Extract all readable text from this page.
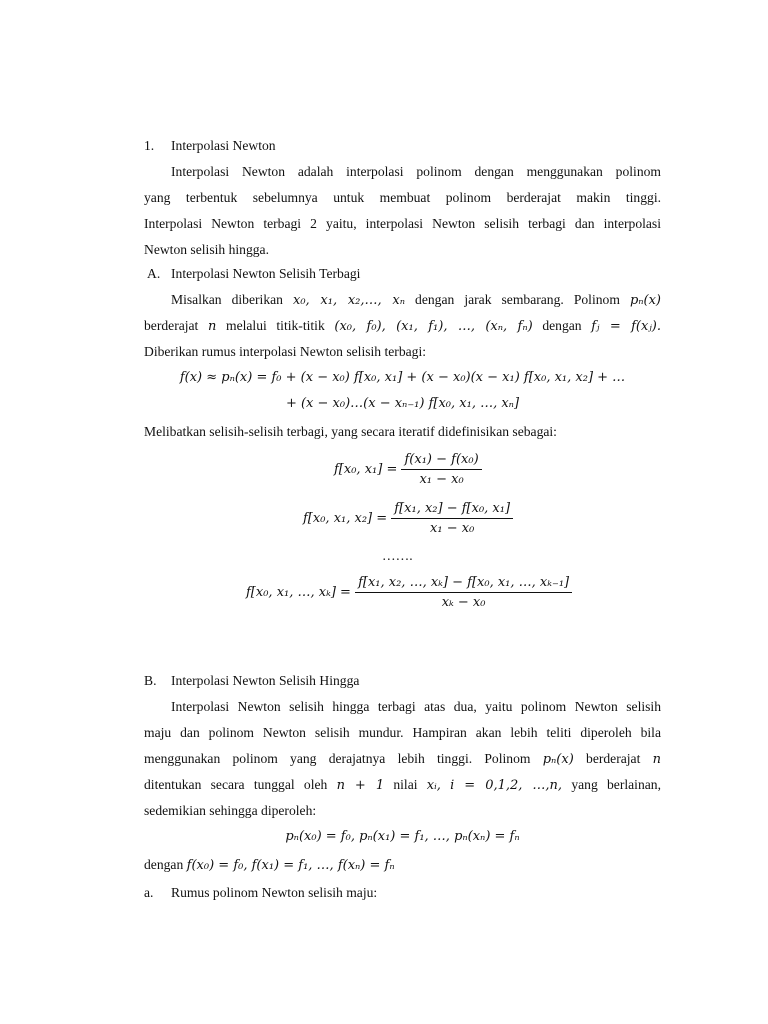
1. Interpolasi Newton
Interpolasi Newton adalah interpolasi polinom dengan menggunakan polinom
yang terbentuk sebelumnya untuk membuat polinom berderajat makin tinggi.
Interpolasi Newton terbagi 2 yaitu, interpolasi Newton selisih terbagi dan interpolasi
Newton selisih hingga.
A. Interpolasi Newton Selisih Terbagi
Misalkan diberikan x₀, x₁, x₂,…, xₙ dengan jarak sembarang. Polinom pₙ(x)
berderajat n melalui titik-titik (x₀, f₀), (x₁, f₁), …, (xₙ, fₙ) dengan fⱼ = f(xⱼ).
Diberikan rumus interpolasi Newton selisih terbagi:
f(x) ≈ pₙ(x) = f₀ + (x − x₀) f[x₀, x₁] + (x − x₀)(x − x₁) f[x₀, x₁, x₂] + …
+ (x − x₀)…(x − xₙ₋₁) f[x₀, x₁, …, xₙ]
Melibatkan selisih-selisih terbagi, yang secara iteratif didefinisikan sebagai:
f[x₀, $x_1] = \frac{\text{f(x₁) − f(x₀)}}{\text{x₁ − x₀}}$
f[x₀, x₁, $x_2] = \frac{\text{f[x₁, x₂] − f[x₀, x₁]}}{\text{x₁ − x₀}}$
…….
f[x₀, x₁, …, $x_k] = \frac{\text{f[x₁, x₂, …, xₖ] − f[x₀, x₁, …, xₖ₋₁]}}{\text{xₖ − x₀}}$
B. Interpolasi Newton Selisih Hingga
Interpolasi Newton selisih hingga terbagi atas dua, yaitu polinom Newton selisih
maju dan polinom Newton selisih mundur. Hampiran akan lebih teliti diperoleh bila
menggunakan polinom yang derajatnya lebih tinggi. Polinom pₙ(x) berderajat n
ditentukan secara tunggal oleh n + 1 nilai xᵢ, i = 0,1,2, …,n, yang berlainan,
sedemikian sehingga diperoleh:
pₙ(x₀) = f₀, pₙ(x₁) = f₁, …, pₙ(xₙ) = fₙ
dengan f(x₀) = f₀, f(x₁) = f₁, …, f(xₙ) = fₙ
a. Rumus polinom Newton selisih maju:
